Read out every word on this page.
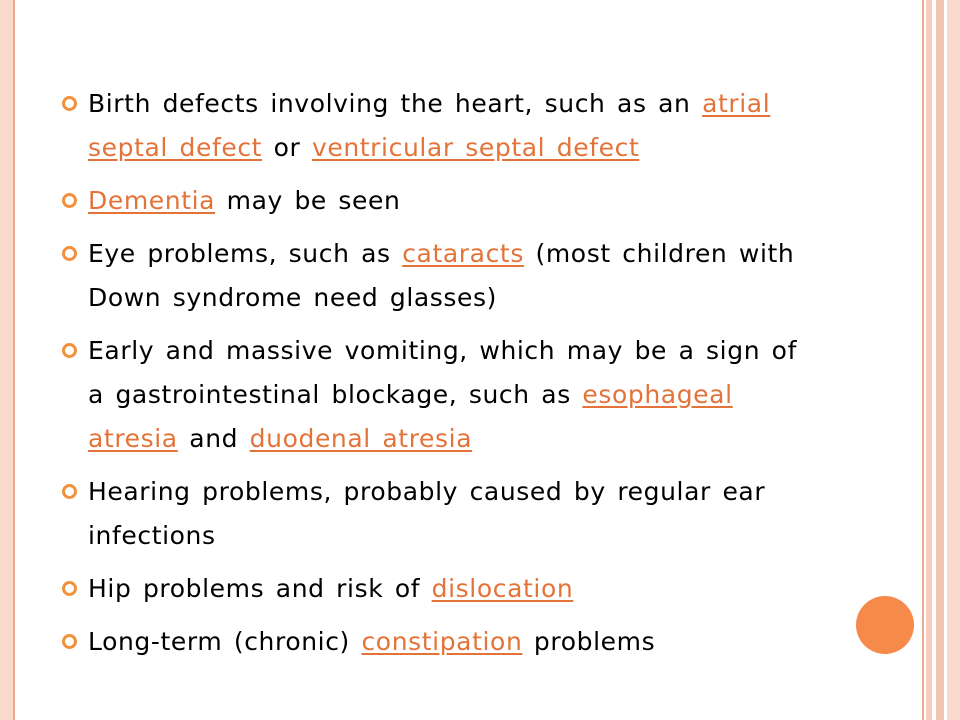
Birth defects involving the heart, such as an atrial septal defect or ventricular septal defect
Dementia may be seen
Eye problems, such as cataracts (most children with Down syndrome need glasses)
Early and massive vomiting, which may be a sign of a gastrointestinal blockage, such as esophageal atresia and duodenal atresia
Hearing problems, probably caused by regular ear infections
Hip problems and risk of dislocation
Long-term (chronic) constipation problems
